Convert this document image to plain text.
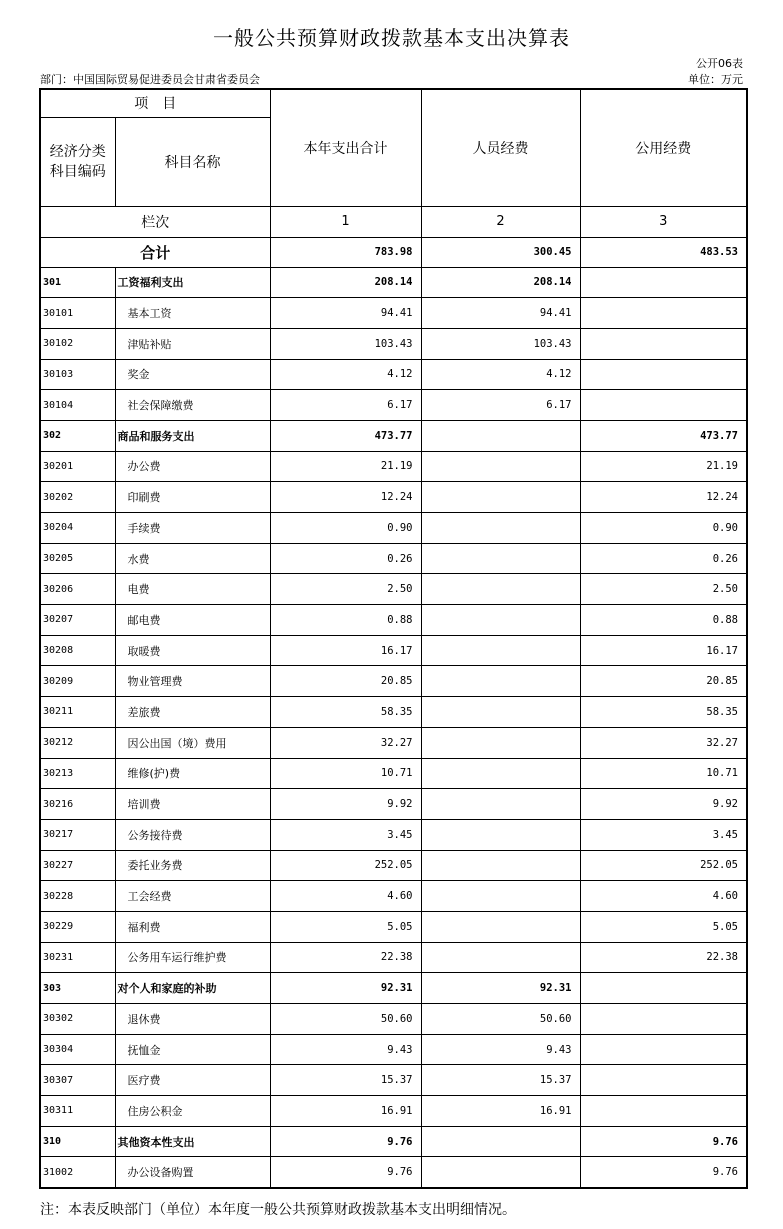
一般公共预算财政拨款基本支出决算表
公开06表
部门：中国国际贸易促进委员会甘肃省委员会	单位：万元
项　目		本年支出合计	人员经费	公用经费
经济分类
科目编码	科目名称			
栏次		1	2	3
合计		783.98	300.45	483.53
301	工资福利支出	208.14	208.14	
30101	基本工资	94.41	94.41	
30102	津贴补贴	103.43	103.43	
30103	奖金	4.12	4.12	
30104	社会保障缴费	6.17	6.17	
302	商品和服务支出	473.77		473.77
30201	办公费	21.19		21.19
30202	印刷费	12.24		12.24
30204	手续费	0.90		0.90
30205	水费	0.26		0.26
30206	电费	2.50		2.50
30207	邮电费	0.88		0.88
30208	取暖费	16.17		16.17
30209	物业管理费	20.85		20.85
30211	差旅费	58.35		58.35
30212	因公出国（境）费用	32.27		32.27
30213	维修(护)费	10.71		10.71
30216	培训费	9.92		9.92
30217	公务接待费	3.45		3.45
30227	委托业务费	252.05		252.05
30228	工会经费	4.60		4.60
30229	福利费	5.05		5.05
30231	公务用车运行维护费	22.38		22.38
303	对个人和家庭的补助	92.31	92.31	
30302	退休费	50.60	50.60	
30304	抚恤金	9.43	9.43	
30307	医疗费	15.37	15.37	
30311	住房公积金	16.91	16.91	
310	其他资本性支出	9.76		9.76
31002	办公设备购置	9.76		9.76
注：本表反映部门（单位）本年度一般公共预算财政拨款基本支出明细情况。
